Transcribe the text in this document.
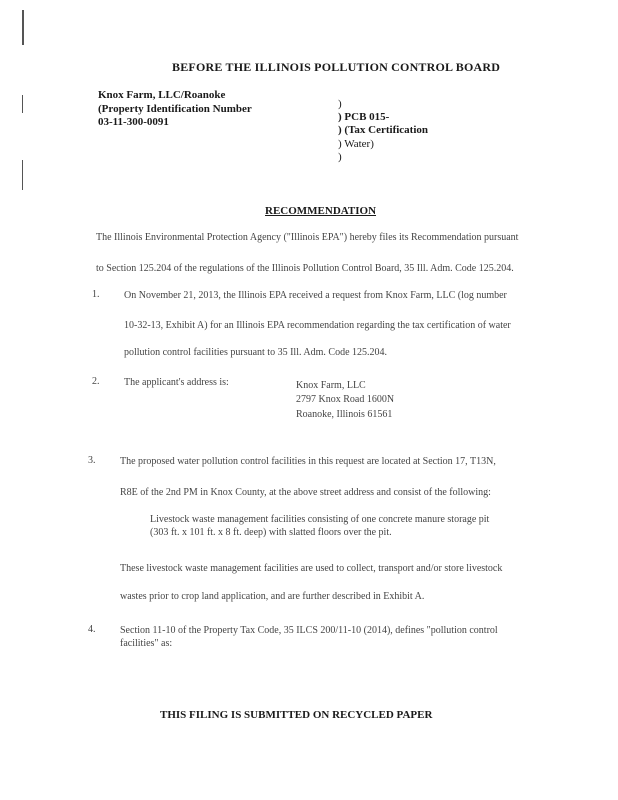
BEFORE THE ILLINOIS POLLUTION CONTROL BOARD
Knox Farm, LLC/Roanoke
(Property Identification Number
03-11-300-0091
)
) PCB 015-
) (Tax Certification
) Water)
)
RECOMMENDATION
The Illinois Environmental Protection Agency ("Illinois EPA") hereby files its Recommendation pursuant
to Section 125.204 of the regulations of the Illinois Pollution Control Board, 35 Ill. Adm. Code 125.204.
1. On November 21, 2013, the Illinois EPA received a request from Knox Farm, LLC (log number
10-32-13, Exhibit A) for an Illinois EPA recommendation regarding the tax certification of water
pollution control facilities pursuant to 35 Ill. Adm. Code 125.204.
2. The applicant's address is:	Knox Farm, LLC
2797 Knox Road 1600N
Roanoke, Illinois 61561
3. The proposed water pollution control facilities in this request are located at Section 17, T13N,
R8E of the 2nd PM in Knox County, at the above street address and consist of the following:
Livestock waste management facilities consisting of one concrete manure storage pit
(303 ft. x 101 ft. x 8 ft. deep) with slatted floors over the pit.
These livestock waste management facilities are used to collect, transport and/or store livestock
wastes prior to crop land application, and are further described in Exhibit A.
4. Section 11-10 of the Property Tax Code, 35 ILCS 200/11-10 (2014), defines "pollution control
facilities" as:
THIS FILING IS SUBMITTED ON RECYCLED PAPER
